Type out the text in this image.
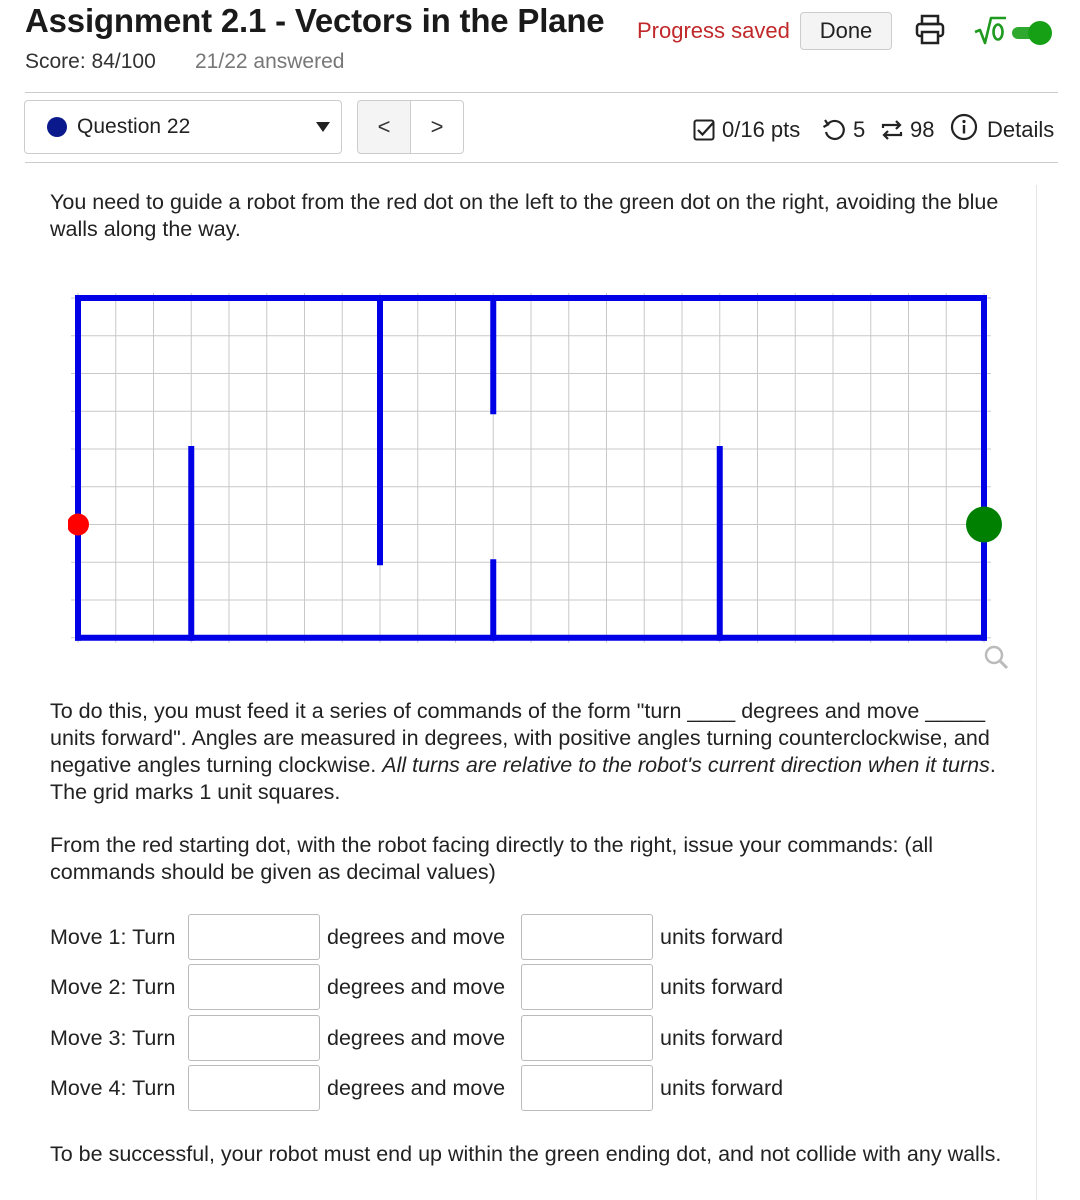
Assignment 2.1 - Vectors in the Plane
Score: 84/100 21/22 answered
Progress saved	Done
Question 22	<	>	0/16 pts 5 98 Details
You need to guide a robot from the red dot on the left to the green dot on the right, avoiding the blue walls along the way.
To do this, you must feed it a series of commands of the form "turn ____ degrees and move _____ units forward". Angles are measured in degrees, with positive angles turning counterclockwise, and negative angles turning clockwise. All turns are relative to the robot's current direction when it turns. The grid marks 1 unit squares.
From the red starting dot, with the robot facing directly to the right, issue your commands: (all commands should be given as decimal values)
Move 1: Turn	degrees and move	units forward
Move 2: Turn	degrees and move	units forward
Move 3: Turn	degrees and move	units forward
Move 4: Turn	degrees and move	units forward
To be successful, your robot must end up within the green ending dot, and not collide with any walls.
